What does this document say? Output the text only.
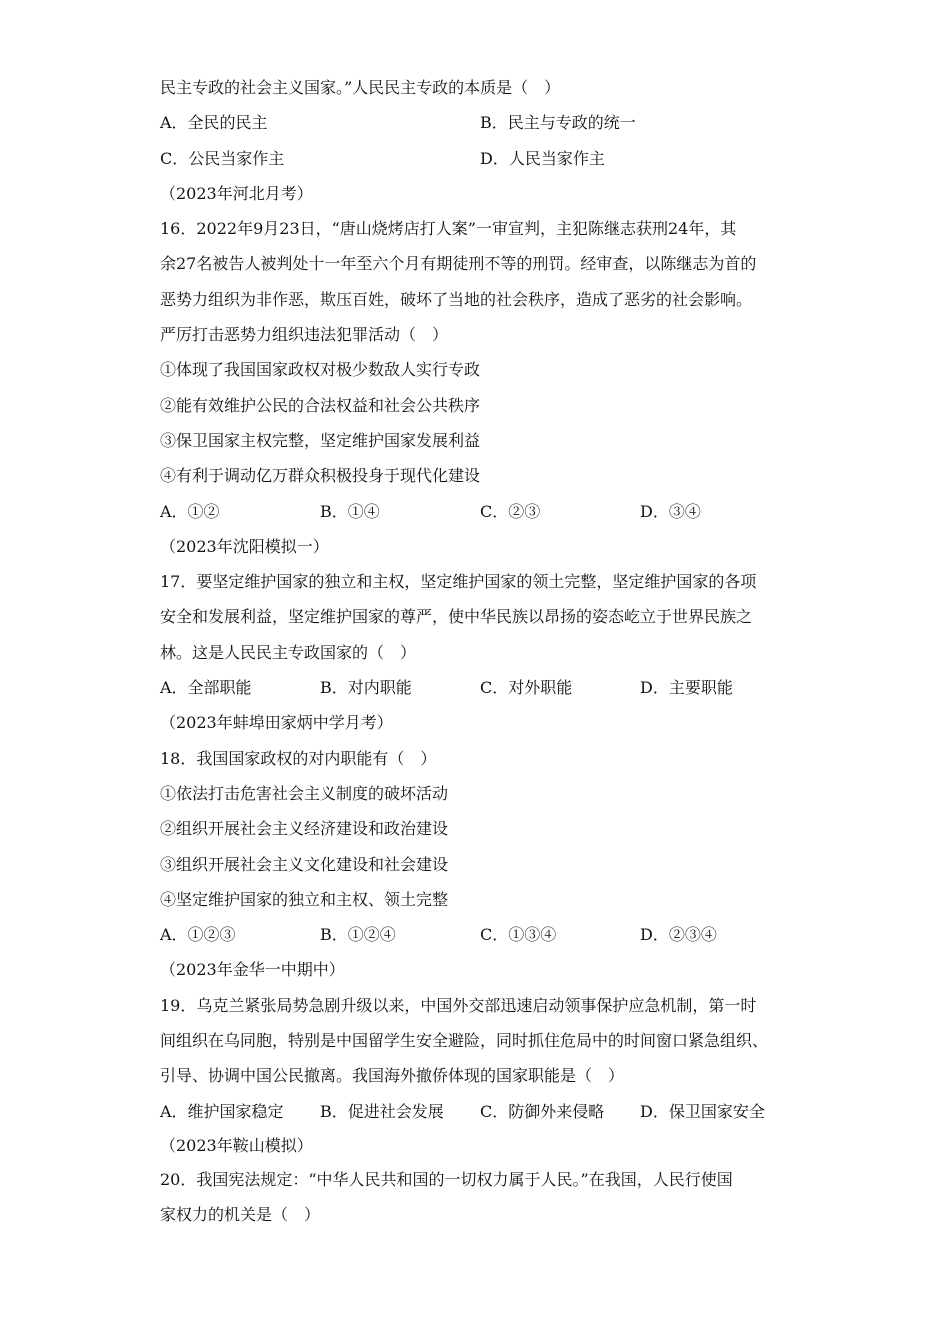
民主专政的社会主义国家。”人民民主专政的本质是（　）
A．全民的民主	B．民主与专政的统一
C．公民当家作主	D．人民当家作主
（2023年河北月考）
16．2022年9月23日，“唐山烧烤店打人案”一审宣判，主犯陈继志获刑24年，其
余27名被告人被判处十一年至六个月有期徒刑不等的刑罚。经审查，以陈继志为首的
恶势力组织为非作恶，欺压百姓，破坏了当地的社会秩序，造成了恶劣的社会影响。
严厉打击恶势力组织违法犯罪活动（　）
①体现了我国国家政权对极少数敌人实行专政
②能有效维护公民的合法权益和社会公共秩序
③保卫国家主权完整，坚定维护国家发展利益
④有利于调动亿万群众积极投身于现代化建设
A．①②	B．①④	C．②③	D．③④
（2023年沈阳模拟一）
17．要坚定维护国家的独立和主权，坚定维护国家的领土完整，坚定维护国家的各项
安全和发展利益，坚定维护国家的尊严，使中华民族以昂扬的姿态屹立于世界民族之
林。这是人民民主专政国家的（　）
A．全部职能	B．对内职能	C．对外职能	D．主要职能
（2023年蚌埠田家炳中学月考）
18．我国国家政权的对内职能有（　）
①依法打击危害社会主义制度的破坏活动
②组织开展社会主义经济建设和政治建设
③组织开展社会主义文化建设和社会建设
④坚定维护国家的独立和主权、领土完整
A．①②③	B．①②④	C．①③④	D．②③④
（2023年金华一中期中）
19．乌克兰紧张局势急剧升级以来，中国外交部迅速启动领事保护应急机制，第一时
间组织在乌同胞，特别是中国留学生安全避险，同时抓住危局中的时间窗口紧急组织、
引导、协调中国公民撤离。我国海外撤侨体现的国家职能是（　）
A．维护国家稳定	B．促进社会发展	C．防御外来侵略	D．保卫国家安全
（2023年鞍山模拟）
20．我国宪法规定：“中华人民共和国的一切权力属于人民。”在我国，人民行使国
家权力的机关是（　）
